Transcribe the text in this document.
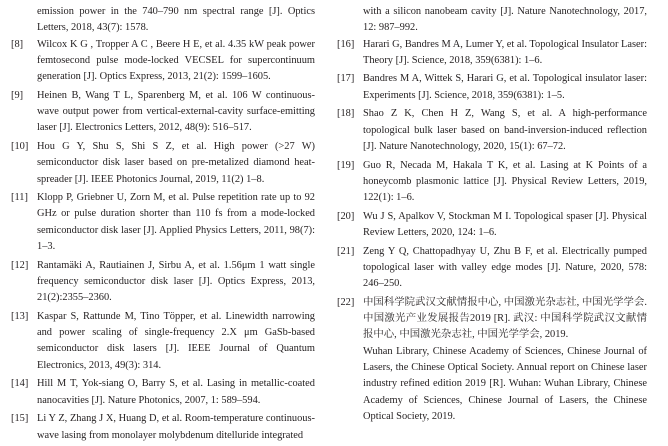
emission power in the 740–790 nm spectral range [J]. Optics Letters, 2018, 43(7): 1578.
[8]	Wilcox K G , Tropper A C , Beere H E, et al. 4.35 kW peak power femtosecond pulse mode-locked VECSEL for supercontinuum generation [J]. Optics Express, 2013, 21(2): 1599–1605.
[9]	Heinen B, Wang T L, Sparenberg M, et al. 106 W continuous-wave output power from vertical-external-cavity surface-emitting laser [J]. Electronics Letters, 2012, 48(9): 516–517.
[10] Hou G Y, Shu S, Shi S Z, et al. High power (>27 W) semiconductor disk laser based on pre-metalized diamond heat-spreader [J]. IEEE Photonics Journal, 2019, 11(2) 1–8.
[11] Klopp P, Griebner U, Zorn M, et al. Pulse repetition rate up to 92 GHz or pulse duration shorter than 110 fs from a mode-locked semiconductor disk laser [J]. Applied Physics Letters, 2011, 98(7): 1–3.
[12] Rantamäki A, Rautiainen J, Sirbu A, et al. 1.56μm 1 watt single frequency semiconductor disk laser [J]. Optics Express, 2013, 21(2):2355–2360.
[13] Kaspar S, Rattunde M, Tino Töpper, et al. Linewidth narrowing and power scaling of single-frequency 2.X μm GaSb-based semiconductor disk lasers [J]. IEEE Journal of Quantum Electronics, 2013, 49(3): 314.
[14] Hill M T, Yok-siang O, Barry S, et al. Lasing in metallic-coated nanocavities [J]. Nature Photonics, 2007, 1: 589–594.
[15] Li Y Z, Zhang J X, Huang D, et al. Room-temperature continuous-wave lasing from monolayer molybdenum ditelluride integrated
with a silicon nanobeam cavity [J]. Nature Nanotechnology, 2017, 12: 987–992.
[16] Harari G, Bandres M A, Lumer Y, et al. Topological Insulator Laser: Theory [J]. Science, 2018, 359(6381): 1–6.
[17] Bandres M A, Wittek S, Harari G, et al. Topological insulator laser: Experiments [J]. Science, 2018, 359(6381): 1–5.
[18] Shao Z K, Chen H Z, Wang S, et al. A high-performance topological bulk laser based on band-inversion-induced reflection [J]. Nature Nanotechnology, 2020, 15(1): 67–72.
[19] Guo R, Necada M, Hakala T K, et al. Lasing at K Points of a honeycomb plasmonic lattice [J]. Physical Review Letters, 2019, 122(1): 1–6.
[20] Wu J S, Apalkov V, Stockman M I. Topological spaser [J]. Physical Review Letters, 2020, 124: 1–6.
[21] Zeng Y Q, Chattopadhyay U, Zhu B F, et al. Electrically pumped topological laser with valley edge modes [J]. Nature, 2020, 578: 246–250.
[22] 中国科学院武汉文献情报中心, 中国激光杂志社, 中国光学学会. 中国激光产业发展报告2019 [R]. 武汉: 中国科学院武汉文献情报中心, 中国激光杂志社, 中国光学学会, 2019.
Wuhan Library, Chinese Academy of Sciences, Chinese Journal of Lasers, the Chinese Optical Society. Annual report on Chinese laser industry refined edition 2019 [R]. Wuhan: Wuhan Library, Chinese Academy of Sciences, Chinese Journal of Lasers, the Chinese Optical Society, 2019.
